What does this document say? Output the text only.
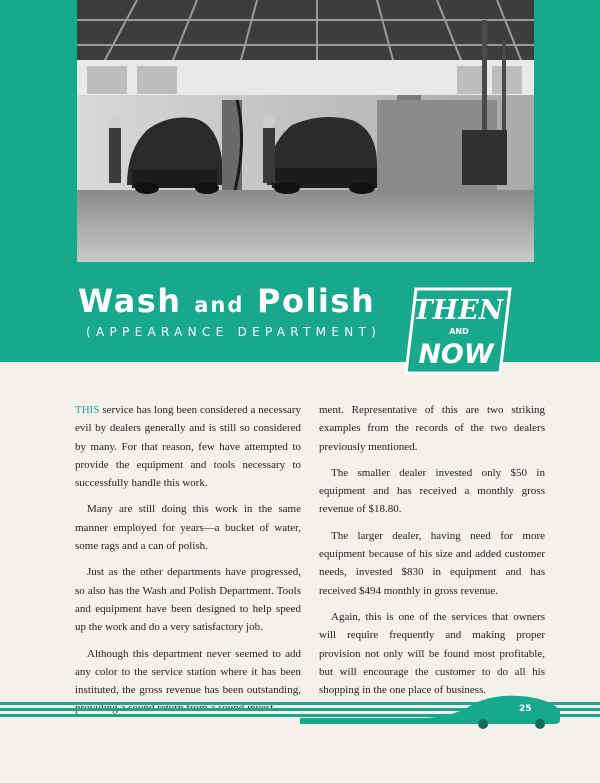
Wash and Polish
(APPEARANCE DEPARTMENT)
THEN
AND
NOW

THIS service has long been considered a necessary evil by dealers generally and is still so considered by many. For that reason, few have attempted to provide the equipment and tools necessary to successfully handle this work.

Many are still doing this work in the same manner employed for years—a bucket of water, some rags and a can of polish.

Just as the other departments have progressed, so also has the Wash and Polish Department. Tools and equipment have been designed to help speed up the work and do a very satisfactory job.

Although this department never seemed to add any color to the service station where it has been instituted, the gross revenue has been outstanding,

ment. Representative of this are two striking examples from the records of the two dealers previously mentioned.

The smaller dealer invested only $50 in equipment and has received a monthly gross revenue of $18.80.

The larger dealer, having need for more equipment because of his size and added customer needs, invested $830 in equipment and has received $494 monthly in gross revenue.

Again, this is one of the services that owners will require frequently and making proper provision not only will be found most profitable, but will encourage the customer to do all his shopping in the one place of business.

25
